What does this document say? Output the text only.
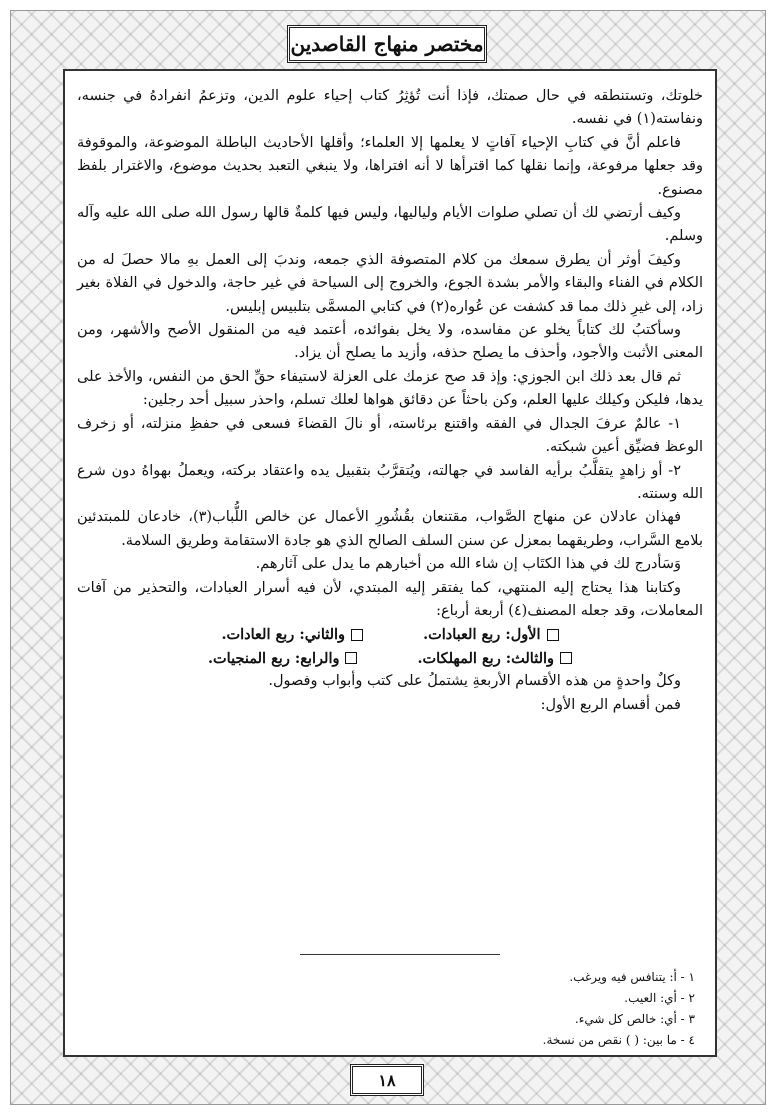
مختصر منهاج القاصدين

خلوتك، وتستنطقه في حال صمتك، فإذا أنت تُؤثِرُ كتاب إحياء علوم الدين، وتزعمُ انفرادهُ في جنسه، ونفاسته(١) في نفسه.

فاعلم أنَّ في كتابِ الإحياء آفاتٍ لا يعلمها إلا العلماء؛ وأقلها الأحاديث الباطلة الموضوعة، والموقوفة وقد جعلها مرفوعة، وإنما نقلها كما اقترأها لا أنه افتراها، ولا ينبغي التعبد بحديث موضوع، والاغترار بلفظ مصنوع.

وكيف أرتضي لك أن تصلي صلوات الأيام ولياليها، وليس فيها كلمةٌ قالها رسول الله صلى الله عليه وآله وسلم.

وكيفَ أوثر أن يطرق سمعك من كلام المتصوفة الذي جمعه، وندبَ إلى العمل بهِ مالا حصلَ له من الكلام في الفناء والبقاء والأمر بشدة الجوع، والخروج إلى السياحة في غير حاجة، والدخول في الفلاة بغير زاد، إلى غيرِ ذلك مما قد كشفت عن عُواره(٢) في كتابي المسمَّى بتلبيس إبليس.

وسأكتبُ لك كتاباً يخلو عن مفاسده، ولا يخل بفوائده، أعتمد فيه من المنقول الأصح والأشهر، ومن المعنى الأثبت والأجود، وأحذف ما يصلح حذفه، وأزيد ما يصلح أن يزاد.

ثم قال بعد ذلك ابن الجوزي: وإذ قد صح عزمك على العزلة لاستيفاء حقِّ الحق من النفس، والأخذ على يدها، فليكن وكيلك عليها العلم، وكن باحثاً عن دقائق هواها لعلك تسلم، واحذر سبيل أحد رجلين:

١- عالمٌ عرفَ الجدال في الفقه واقتنع برئاسته، أو نالَ القضاءَ فسعى في حفظِ منزلته، أو زخرف الوعظ فضيِّق أعين شبكته.

٢- أو زاهدٍ يتقلَّبُ برأيه الفاسد في جهالته، ويُتقرَّبُ بتقبيل يده واعتقاد بركته، ويعملُ بهواهُ دون شرع الله وسنته.

فهذان عادلان عن منهاج الصَّواب، مقتنعان بقُشُورِ الأعمال عن خالص اللُّباب(٣)، خادعان للمبتدئين بلامع السَّراب، وطريقهما بمعزل عن سنن السلف الصالح الذي هو جادة الاستقامة وطريق السلامة.

وَسَأدرج لك في هذا الكتَاب إن شاء الله من أخبارهم ما يدل على آثارهم.

وكتابنا هذا يحتاج إليه المنتهي، كما يفتقر إليه المبتدي، لأن فيه أسرار العبادات، والتحذير من آفات المعاملات، وقد جعله المصنف(٤) أربعة أرباع:

الأول: ربع العبادات.
والثاني: ربع العادات.
والثالث: ربع المهلكات.
والرابع: ربع المنجيات.

وكلٌ واحدةٍ من هذه الأقسام الأربعةِ يشتملُ على كتب وأبواب وفصول.

فمن أقسام الربع الأول:

١ - أ: يتنافس فيه ويرغب.
٢ - أي: العيب.
٣ - أي: خالص كل شيء.
٤ - ما بين: ( ) نقص من نسخة.
١٨
